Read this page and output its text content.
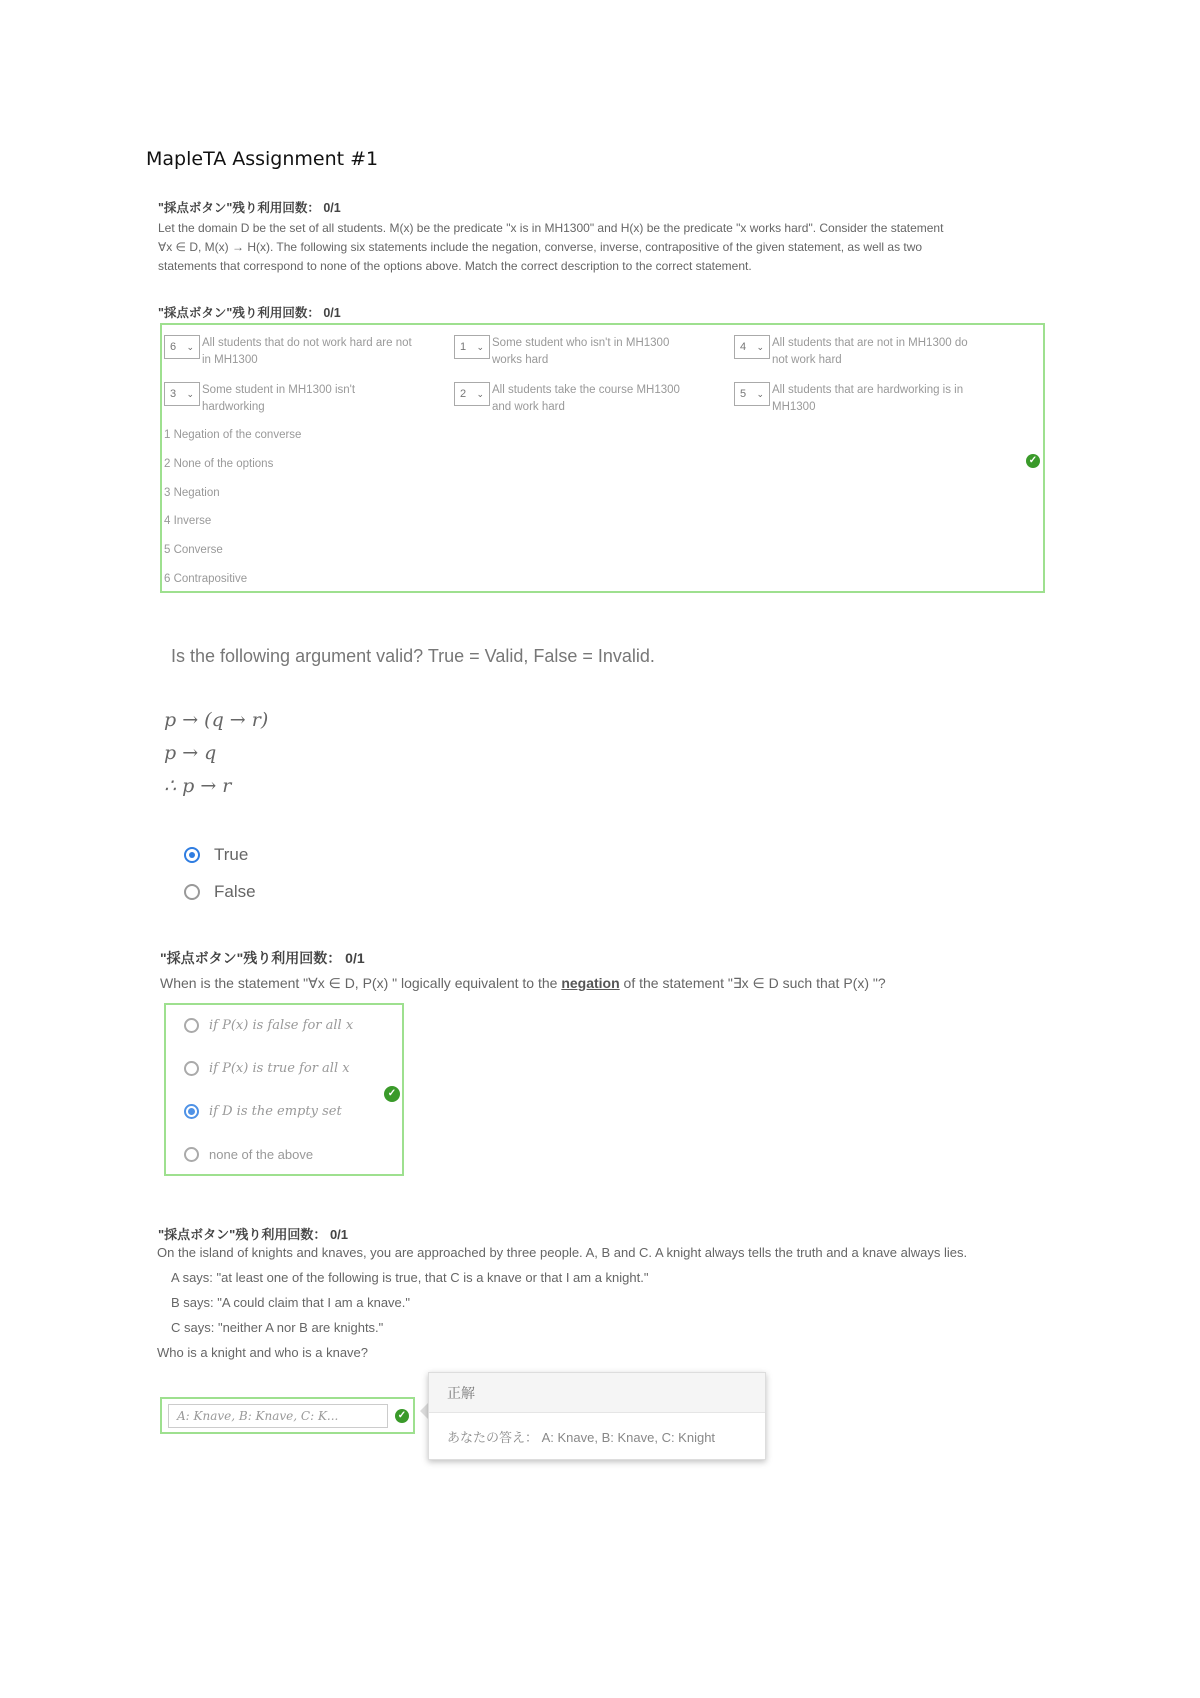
MapleTA Assignment #1
"採点ボタン"残り利用回数： 0/1
Let the domain D be the set of all students. M(x) be the predicate "x is in MH1300" and H(x) be the predicate "x works hard". Consider the statement
∀x ∈ D, M(x) → H(x). The following six statements include the negation, converse, inverse, contrapositive of the given statement, as well as two
statements that correspond to none of the options above. Match the correct description to the correct statement.
"採点ボタン"残り利用回数： 0/1
6 ⌄ All students that do not work hard are not in MH1300
1 ⌄ Some student who isn't in MH1300 works hard
4 ⌄ All students that are not in MH1300 do not work hard
3 ⌄ Some student in MH1300 isn't hardworking
2 ⌄ All students take the course MH1300 and work hard
5 ⌄ All students that are hardworking is in MH1300
1 Negation of the converse
2 None of the options
3 Negation
4 Inverse
5 Converse
6 Contrapositive
✓
Is the following argument valid? True = Valid, False = Invalid.
p → (q → r)
p → q
∴ p → r
True
False
"採点ボタン"残り利用回数： 0/1
When is the statement "∀x ∈ D, P(x) " logically equivalent to the negation of the statement "∃x ∈ D such that P(x) "?
if P(x) is false for all x
if P(x) is true for all x
if D is the empty set
none of the above
✓
"採点ボタン"残り利用回数： 0/1
On the island of knights and knaves, you are approached by three people. A, B and C. A knight always tells the truth and a knave always lies.
A says: "at least one of the following is true, that C is a knave or that I am a knight."
B says: "A could claim that I am a knave."
C says: "neither A nor B are knights."
Who is a knight and who is a knave?
A: Knave, B: Knave, C: K...	✓
正解
あなたの答え： A: Knave, B: Knave, C: Knight
